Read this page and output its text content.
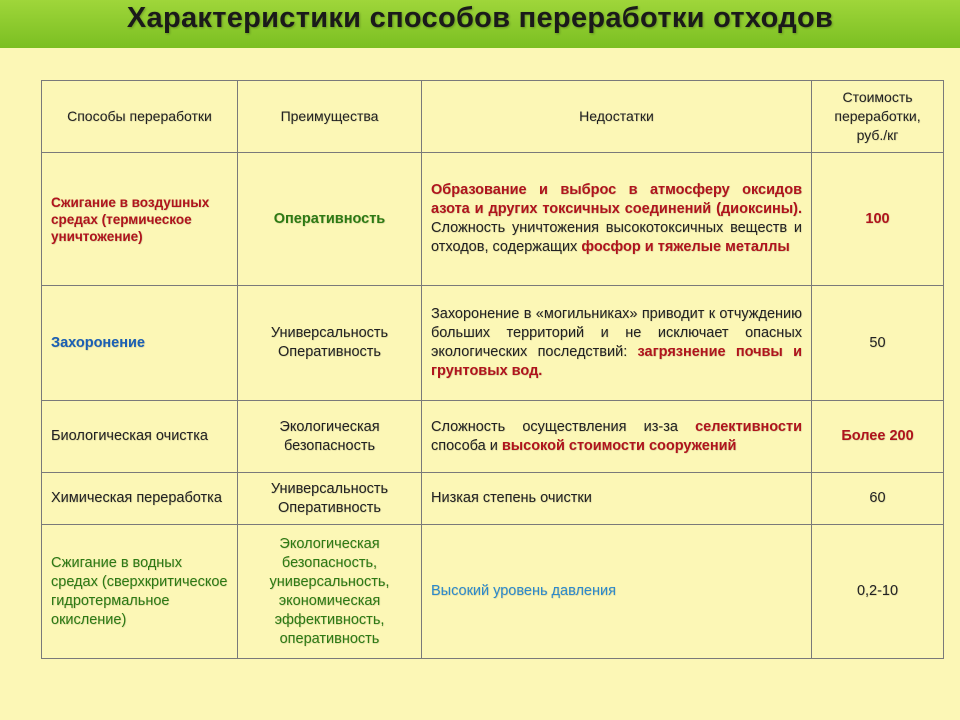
Характеристики способов переработки отходов
Способы переработки	Преимущества	Недостатки	Стоимость переработки, руб./кг
Сжигание в воздушных средах (термическое уничтожение)	Оперативность	Образование и выброс в атмосферу оксидов азота и других токсичных соединений (диоксины). Сложность уничтожения высокотоксичных веществ и отходов, содержащих фосфор и тяжелые металлы	100
Захоронение	Универсальность Оперативность	Захоронение в «могильниках» приводит к отчуждению больших территорий и не исключает опасных экологических последствий: загрязнение почвы и грунтовых вод.	50
Биологическая очистка	Экологическая безопасность	Сложность осуществления из-за селективности способа и высокой стоимости сооружений	Более 200
Химическая переработка	Универсальность Оперативность	Низкая степень очистки	60
Сжигание в водных средах (сверхкритическое гидротермальное окисление)	Экологическая безопасность, универсальность, экономическая эффективность, оперативность	Высокий уровень давления	0,2-10
